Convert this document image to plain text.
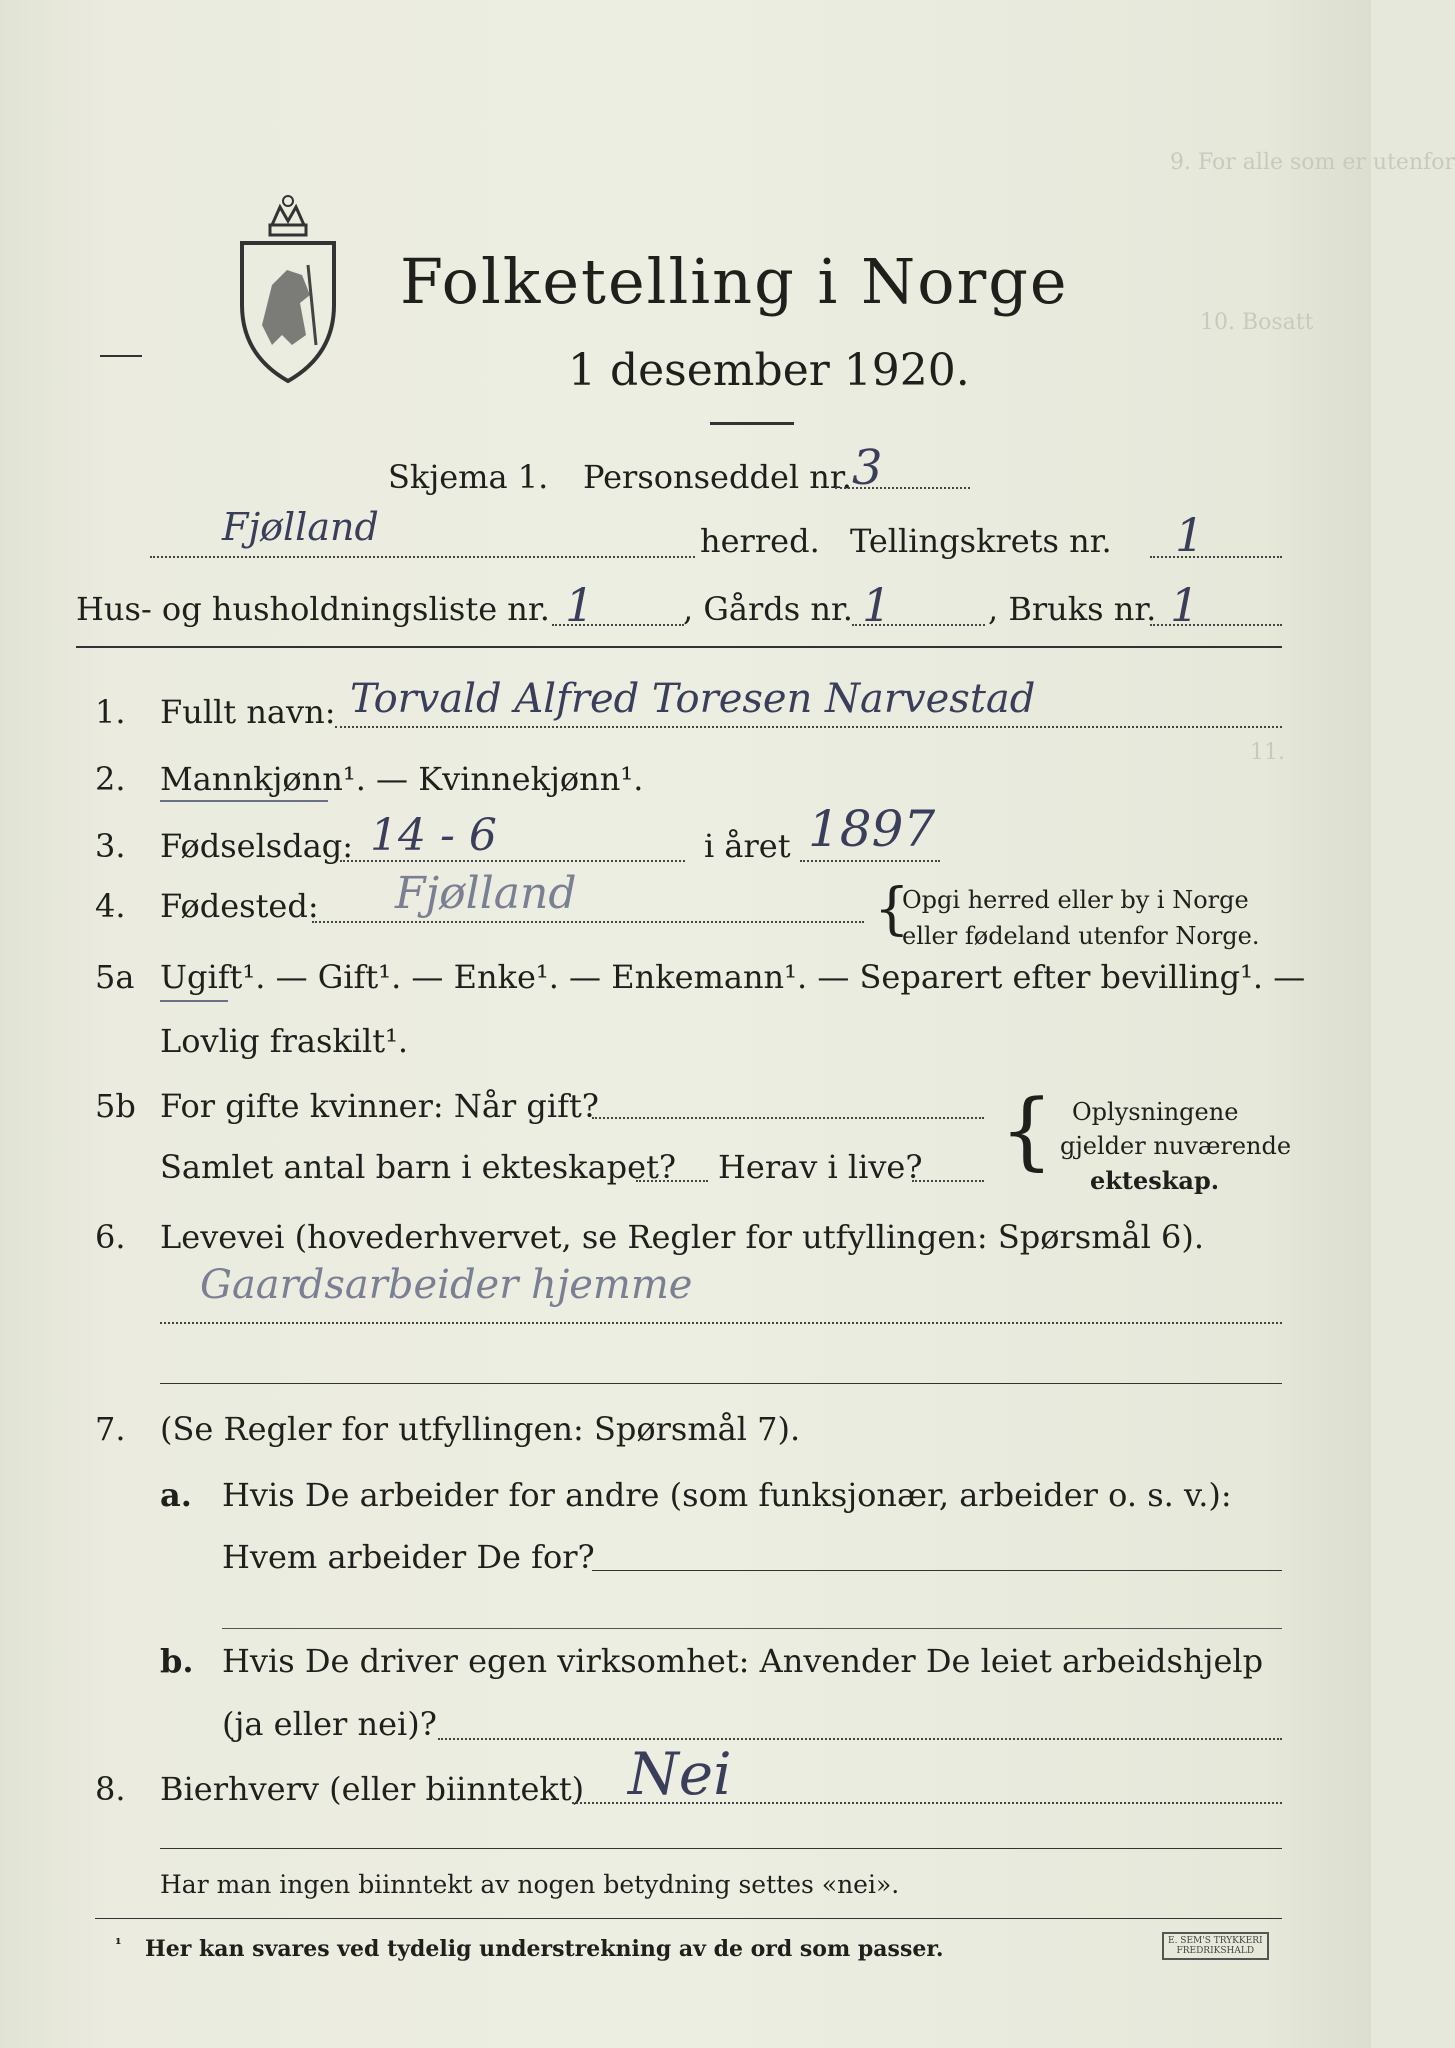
9. For alle som er utenfor
10. Bosatt
11.
Folketelling i Norge
1 desember 1920.
Skjema 1. Personseddel nr. 3
Fjølland	herred. Tellingskrets nr. 1
Hus- og husholdningsliste nr. 1	, Gårds nr. 1	, Bruks nr. 1
1. Fullt navn: Torvald Alfred Toresen Narvestad
2. Mannkjønn¹. — Kvinnekjønn¹.
3. Fødselsdag: 14 - 6	i året 1897
4. Fødested: Fjølland	{
Opgi herred eller by i Norge
eller fødeland utenfor Norge.
5a Ugift¹. — Gift¹. — Enke¹. — Enkemann¹. — Separert efter bevilling¹. —
Lovlig fraskilt¹.
5b For gifte kvinner: Når gift?
Samlet antal barn i ekteskapet? Herav i live? { Oplysningene
gjelder nuværende
ekteskap.
6. Levevei (hovederhvervet, se Regler for utfyllingen: Spørsmål 6).
Gaardsarbeider hjemme
7. (Se Regler for utfyllingen: Spørsmål 7).
a. Hvis De arbeider for andre (som funksjonær, arbeider o. s. v.):
Hvem arbeider De for?
b. Hvis De driver egen virksomhet: Anvender De leiet arbeidshjelp
(ja eller nei)?
8. Bierhverv (eller biinntekt) Nei
Har man ingen biinntekt av nogen betydning settes «nei».
¹ Her kan svares ved tydelig understrekning av de ord som passer.	E. SEM'S TRYKKERI
FREDRIKSHALD
